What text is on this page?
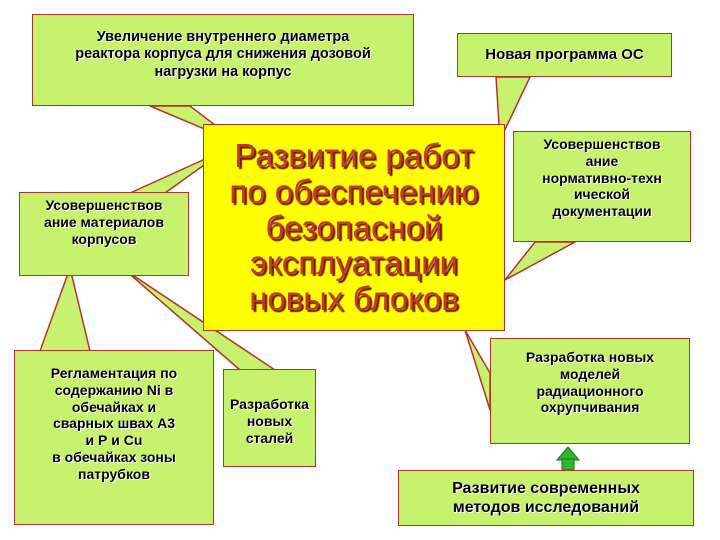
Развитие работ
по обеспечению
безопасной
эксплуатации
новых блоков
Увеличение внутреннего диаметра
реактора корпуса для снижения дозовой
нагрузки на корпус
Новая программа ОС
Усовершенствов
ание материалов
корпусов
Усовершенствов
ание
нормативно-техн
ической
документации
Регламентация по
содержанию Ni в
обечайках и
сварных швах А3
и Р и Cu
в обечайках зоны
патрубков
Разработка
новых
сталей
Разработка новых
моделей
радиационного
охрупчивания
Развитие современных
методов исследований
